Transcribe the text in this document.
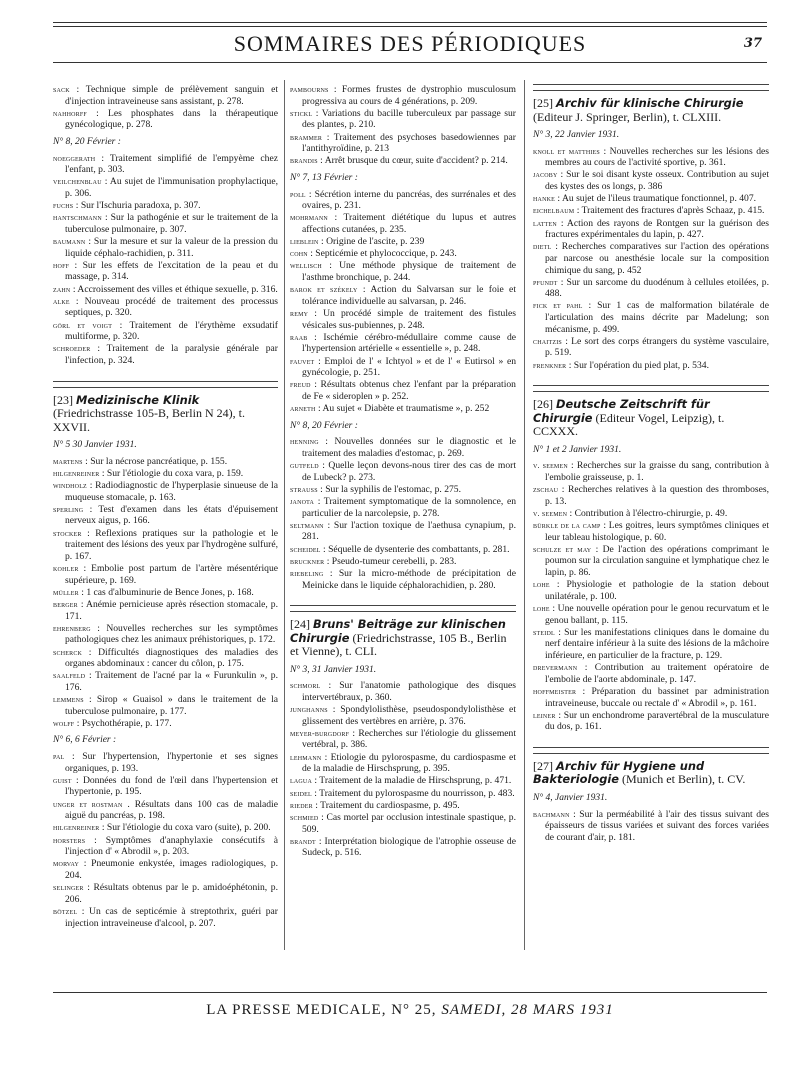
SOMMAIRES DES PÉRIODIQUES	37
sack : Technique simple de prélèvement sanguin et d'injection intraveineuse sans assistant, p. 278.
nahhorff : Les phosphates dans la thérapeutique gynécologique, p. 278.
N° 8, 20 Février :
noeggerath : Traitement simplifié de l'empyème chez l'enfant, p. 303.
veilchenblau : Au sujet de l'immunisation prophylactique, p. 306.
fuchs : Sur l'Ischuria paradoxa, p. 307.
hantschmann : Sur la pathogénie et sur le traitement de la tuberculose pulmonaire, p. 307.
baumann : Sur la mesure et sur la valeur de la pression du liquide céphalo-rachidien, p. 311.
hoff : Sur les effets de l'excitation de la peau et du massage, p. 314.
zahn : Accroissement des villes et éthique sexuelle, p. 316.
alke : Nouveau procédé de traitement des processus septiques, p. 320.
görl et voigt : Traitement de l'érythème exsudatif multiforme, p. 320.
schroeder : Traitement de la paralysie générale par l'infection, p. 324.
[23] Medizinische Klinik (Friedrichstrasse 105-B, Berlin N 24), t. XXVII.
N° 5 30 Janvier 1931.
martens : Sur la nécrose pancréatique, p. 155.
hilgenreiner : Sur l'étiologie du coxa vara, p. 159.
windholz : Radiodiagnostic de l'hyperplasie sinueuse de la muqueuse stomacale, p. 163.
sperling : Test d'examen dans les états d'épuisement nerveux aigus, p. 166.
stocker : Reflexions pratiques sur la pathologie et le traitement des lésions des yeux par l'hydrogène sulfuré, p. 167.
kohler : Embolie post partum de l'artère mésentérique supérieure, p. 169.
müller : 1 cas d'albuminurie de Bence Jones, p. 168.
berger : Anémie pernicieuse après résection stomacale, p. 171.
ehrenberg : Nouvelles recherches sur les symptômes pathologiques chez les animaux préhistoriques, p. 172.
scherck : Difficultés diagnostiques des maladies des organes abdominaux : cancer du côlon, p. 175.
saalfeld : Traitement de l'acné par la « Furunkulin », p. 176.
lemmens : Sirop « Guaisol » dans le traitement de la tuberculose pulmonaire, p. 177.
wolff : Psychothérapie, p. 177.
N° 6, 6 Février :
pal : Sur l'hypertension, l'hypertonie et ses signes organiques, p. 193.
guist : Données du fond de l'œil dans l'hypertension et l'hypertonie, p. 195.
unger et rostman . Résultats dans 100 cas de maladie aiguë du pancréas, p. 198.
hilgenreiner : Sur l'étiologie du coxa varo (suite), p. 200.
horsters : Symptômes d'anaphylaxie consécutifs à l'injection d' « Abrodil », p. 203.
morvay : Pneumonie enkystée, images radiologiques, p. 204.
selinger : Résultats obtenus par le p. amidoéphétonin, p. 206.
bötzel : Un cas de septicémie à streptothrix, guéri par injection intraveineuse d'alcool, p. 207.
pambourns : Formes frustes de dystrophio musculosum progressiva au cours de 4 générations, p. 209.
stickl : Variations du bacille tuberculeux par passage sur des plantes, p. 210.
brammer : Traitement des psychoses basedowiennes par l'antithyroïdine, p. 213
brandis : Arrêt brusque du cœur, suite d'accident? p. 214.
N° 7, 13 Février :
poll : Sécrétion interne du pancréas, des surrénales et des ovaires, p. 231.
mohrmann : Traitement diététique du lupus et autres affections cutanées, p. 235.
lieblein : Origine de l'ascite, p. 239
cohn : Septicémie et phylococcique, p. 243.
wellisch : Une méthode physique de traitement de l'asthme bronchique, p. 244.
barok et székely : Action du Salvarsan sur le foie et tolérance individuelle au salvarsan, p. 246.
remy : Un procédé simple de traitement des fistules vésicales sus-pubiennes, p. 248.
raab : Ischémie cérébro-médullaire comme cause de l'hypertension artérielle « essentielle », p. 248.
fauvet : Emploi de l' « Ichtyol » et de l' « Eutirsol » en gynécologie, p. 251.
freud : Résultats obtenus chez l'enfant par la préparation de Fe « sideroplen » p. 252.
arneth : Au sujet « Diabète et traumatisme », p. 252
N° 8, 20 Février :
henning : Nouvelles données sur le diagnostic et le traitement des maladies d'estomac, p. 269.
gutfeld : Quelle leçon devons-nous tirer des cas de mort de Lubeck? p. 273.
strauss : Sur la syphilis de l'estomac, p. 275.
janota : Traitement symptomatique de la somnolence, en particulier de la narcolepsie, p. 278.
seltmann : Sur l'action toxique de l'aethusa cynapium, p. 281.
scheidel : Séquelle de dysenterie des combattants, p. 281.
bruckner : Pseudo-tumeur cerebelli, p. 283.
riebeling : Sur la micro-méthode de précipitation de Meinicke dans le liquide céphalorachidien, p. 280.
[24] Bruns' Beiträge zur klinischen Chirurgie (Friedrichstrasse, 105 B., Berlin et Vienne), t. CLI.
N° 3, 31 Janvier 1931.
schmorl : Sur l'anatomie pathologique des disques intervertébraux, p. 360.
junghanns : Spondylolisthèse, pseudospondylolisthèse et glissement des vertèbres en arrière, p. 376.
meyer-burgdorf : Recherches sur l'étiologie du glissement vertébral, p. 386.
lehmann : Etiologie du pylorospasme, du cardiospasme et de la maladie de Hirschsprung, p. 395.
lagua : Traitement de la maladie de Hirschsprung, p. 471.
seidel : Traitement du pylorospasme du nourrisson, p. 483.
rieder : Traitement du cardiospasme, p. 495.
schmied : Cas mortel par occlusion intestinale spastique, p. 509.
brandt : Interprétation biologique de l'atrophie osseuse de Sudeck, p. 516.
[25] Archiv für klinische Chirurgie (Editeur J. Springer, Berlin), t. CLXIII.
N° 3, 22 Janvier 1931.
knoll et matthies : Nouvelles recherches sur les lésions des membres au cours de l'activité sportive, p. 361.
jacoby : Sur le soi disant kyste osseux. Contribution au sujet des kystes des os longs, p. 386
hanke : Au sujet de l'ileus traumatique fonctionnel, p. 407.
eichelbaum : Traitement des fractures d'après Schaaz, p. 415.
latten : Action des rayons de Rontgen sur la guérison des fractures expérimentales du lapin, p. 427.
dietl : Recherches comparatives sur l'action des opérations par narcose ou anesthésie locale sur la composition chimique du sang, p. 452
pfundt : Sur un sarcome du duodénum à cellules etoilées, p. 488.
fick et pahl : Sur 1 cas de malformation bilatérale de l'articulation des mains décrite par Madelung; son mécanisme, p. 499.
chaitzis : Le sort des corps étrangers du système vasculaire, p. 519.
frenkner : Sur l'opération du pied plat, p. 534.
[26] Deutsche Zeitschrift für Chirurgie (Editeur Vogel, Leipzig), t. CCXXX.
N° 1 et 2 Janvier 1931.
v. seemen : Recherches sur la graisse du sang, contribution à l'embolie graisseuse, p. 1.
zschau : Recherches relatives à la question des thromboses, p. 13.
v. seemen : Contribution à l'électro-chirurgie, p. 49.
bürkle de la camp : Les goitres, leurs symptômes cliniques et leur tableau histologique, p. 60.
schulze et may : De l'action des opérations comprimant le poumon sur la circulation sanguine et lymphatique chez le lapin, p. 86.
lohe : Physiologie et pathologie de la station debout unilatérale, p. 100.
lohe : Une nouvelle opération pour le genou recurvatum et le genou ballant, p. 115.
steidl : Sur les manifestations cliniques dans le domaine du nerf dentaire inférieur à la suite des lésions de la mâchoire inférieure, en particulier de la fracture, p. 129.
drevermann : Contribution au traitement opératoire de l'embolie de l'aorte abdominale, p. 147.
hoffmeister : Préparation du bassinet par administration intraveineuse, buccale ou rectale d' « Abrodil », p. 161.
leiner : Sur un enchondrome paravertébral de la musculature du dos, p. 161.
[27] Archiv für Hygiene und Bakteriologie (Munich et Berlin), t. CV.
N° 4, Janvier 1931.
bachmann : Sur la perméabilité à l'air des tissus suivant des épaisseurs de tissus variées et suivant des forces variées de courant d'air, p. 181.
LA PRESSE MEDICALE, N° 25, SAMEDI, 28 MARS 1931
